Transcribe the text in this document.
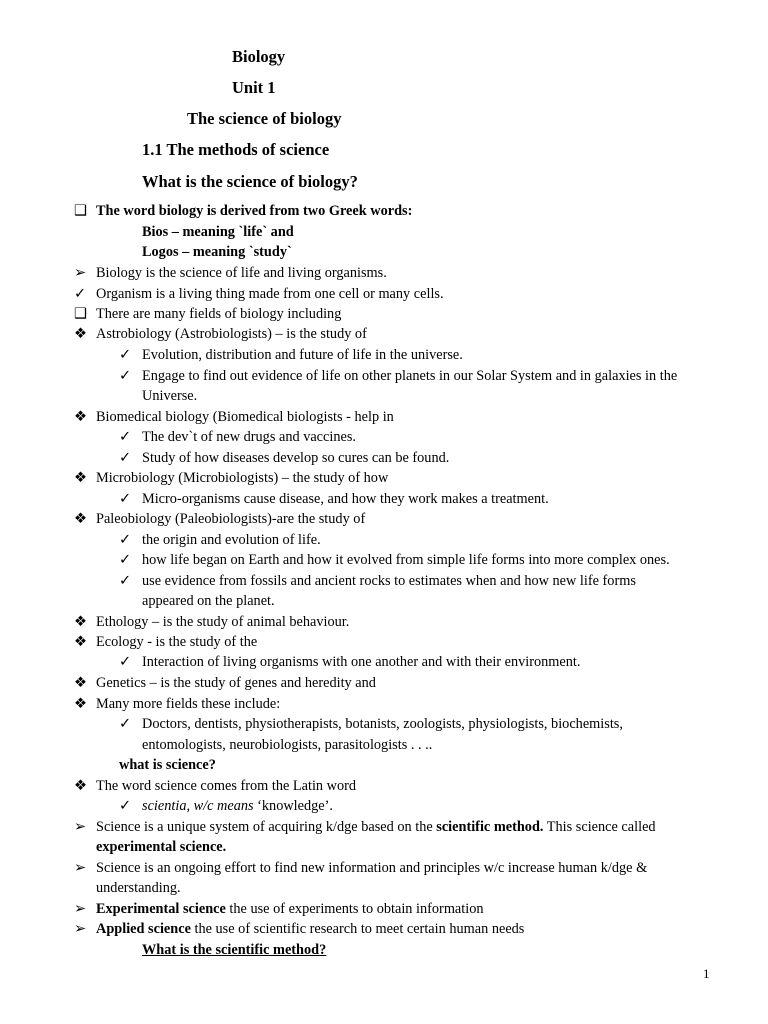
Biology
Unit 1
The science of biology
1.1 The methods of science
What is the science of biology?
❑ The word biology is derived from two Greek words:
Bios – meaning `life` and
Logos – meaning `study`
➢ Biology is the science of life and living organisms.
✓ Organism is a living thing made from one cell or many cells.
❑ There are many fields of biology including
❖ Astrobiology (Astrobiologists) – is the study of
✓ Evolution, distribution and future of life in the universe.
✓ Engage to find out evidence of life on other planets in our Solar System and in galaxies in the
Universe.
❖ Biomedical biology (Biomedical biologists - help in
✓ The dev`t of new drugs and vaccines.
✓ Study of how diseases develop so cures can be found.
❖ Microbiology (Microbiologists) – the study of how
✓ Micro-organisms cause disease, and how they work makes a treatment.
❖ Paleobiology (Paleobiologists)-are the study of
✓ the origin and evolution of life.
✓ how life began on Earth and how it evolved from simple life forms into more complex ones.
✓ use evidence from fossils and ancient rocks to estimates when and how new life forms
appeared on the planet.
❖ Ethology – is the study of animal behaviour.
❖ Ecology - is the study of the
✓ Interaction of living organisms with one another and with their environment.
❖ Genetics – is the study of genes and heredity and
❖ Many more fields these include:
✓ Doctors, dentists, physiotherapists, botanists, zoologists, physiologists, biochemists,
entomologists, neurobiologists, parasitologists . . ..
what is science?
❖ The word science comes from the Latin word
✓ scientia, w/c means ‘knowledge’.
➢ Science is a unique system of acquiring k/dge based on the scientific method. This science called
experimental science.
➢ Science is an ongoing effort to find new information and principles w/c increase human k/dge &
understanding.
➢ Experimental science the use of experiments to obtain information
➢ Applied science the use of scientific research to meet certain human needs
What is the scientific method?
1
